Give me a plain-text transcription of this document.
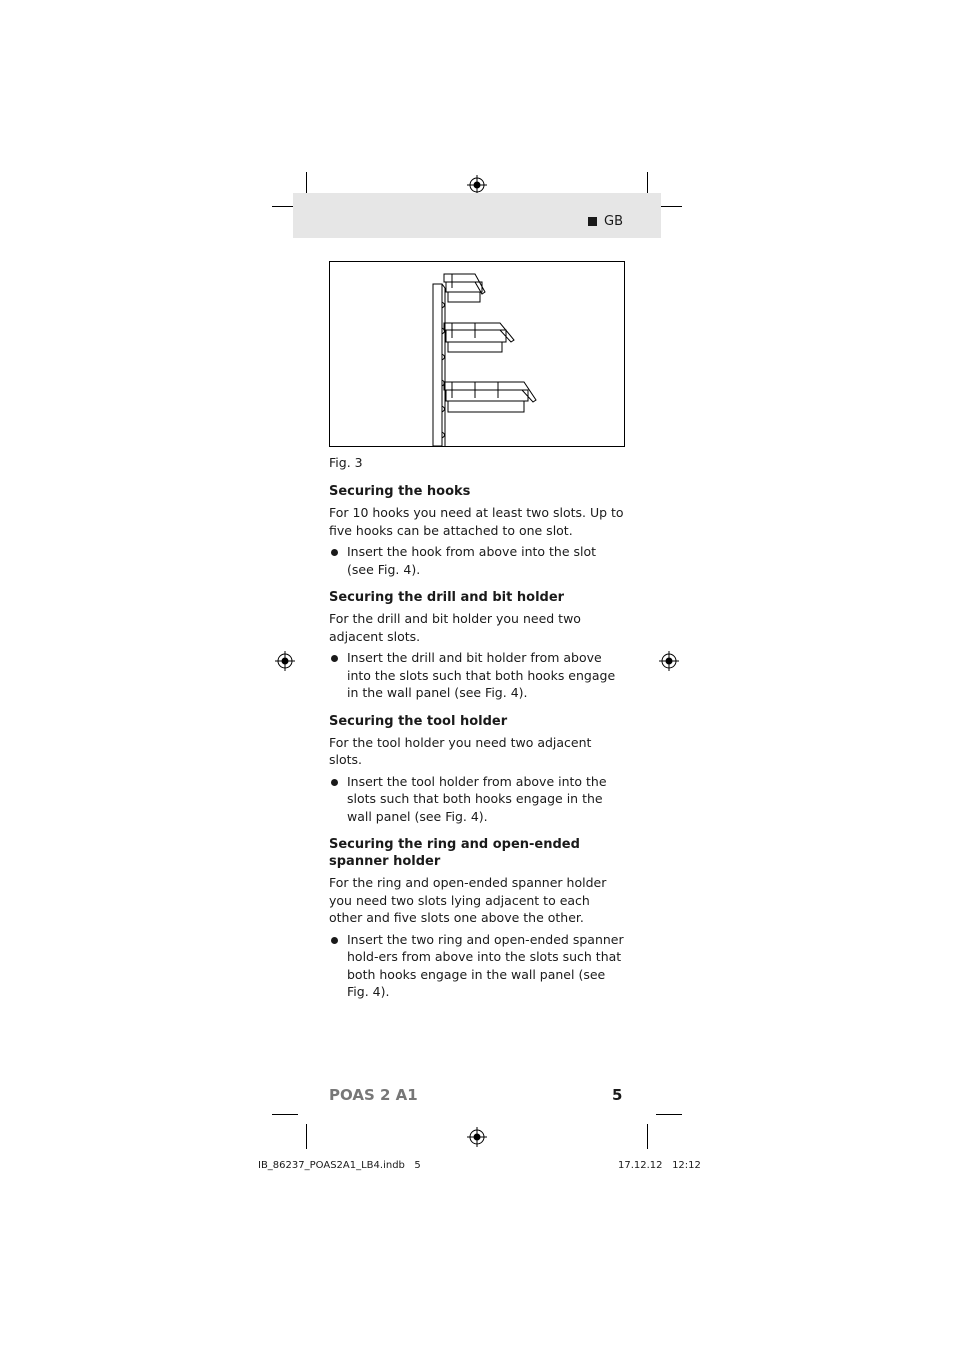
GB
Fig. 3
Securing the hooks

For 10 hooks you need at least two slots. Up to five hooks can be attached to one slot.

Insert the hook from above into the slot (see Fig. 4).
Securing the drill and bit holder

For the drill and bit holder you need two adjacent slots.

Insert the drill and bit holder from above into the slots such that both hooks engage in the wall panel (see Fig. 4).
Securing the tool holder

For the tool holder you need two adjacent slots.

Insert the tool holder from above into the slots such that both hooks engage in the wall panel (see Fig. 4).
Securing the ring and open-ended spanner holder

For the ring and open-ended spanner holder you need two slots lying adjacent to each other and five slots one above the other.

Insert the two ring and open-ended spanner hold-ers from above into the slots such that both hooks engage in the wall panel (see Fig. 4).
POAS 2 A1	5
IB_86237_POAS2A1_LB4.indb   5	17.12.12   12:12
